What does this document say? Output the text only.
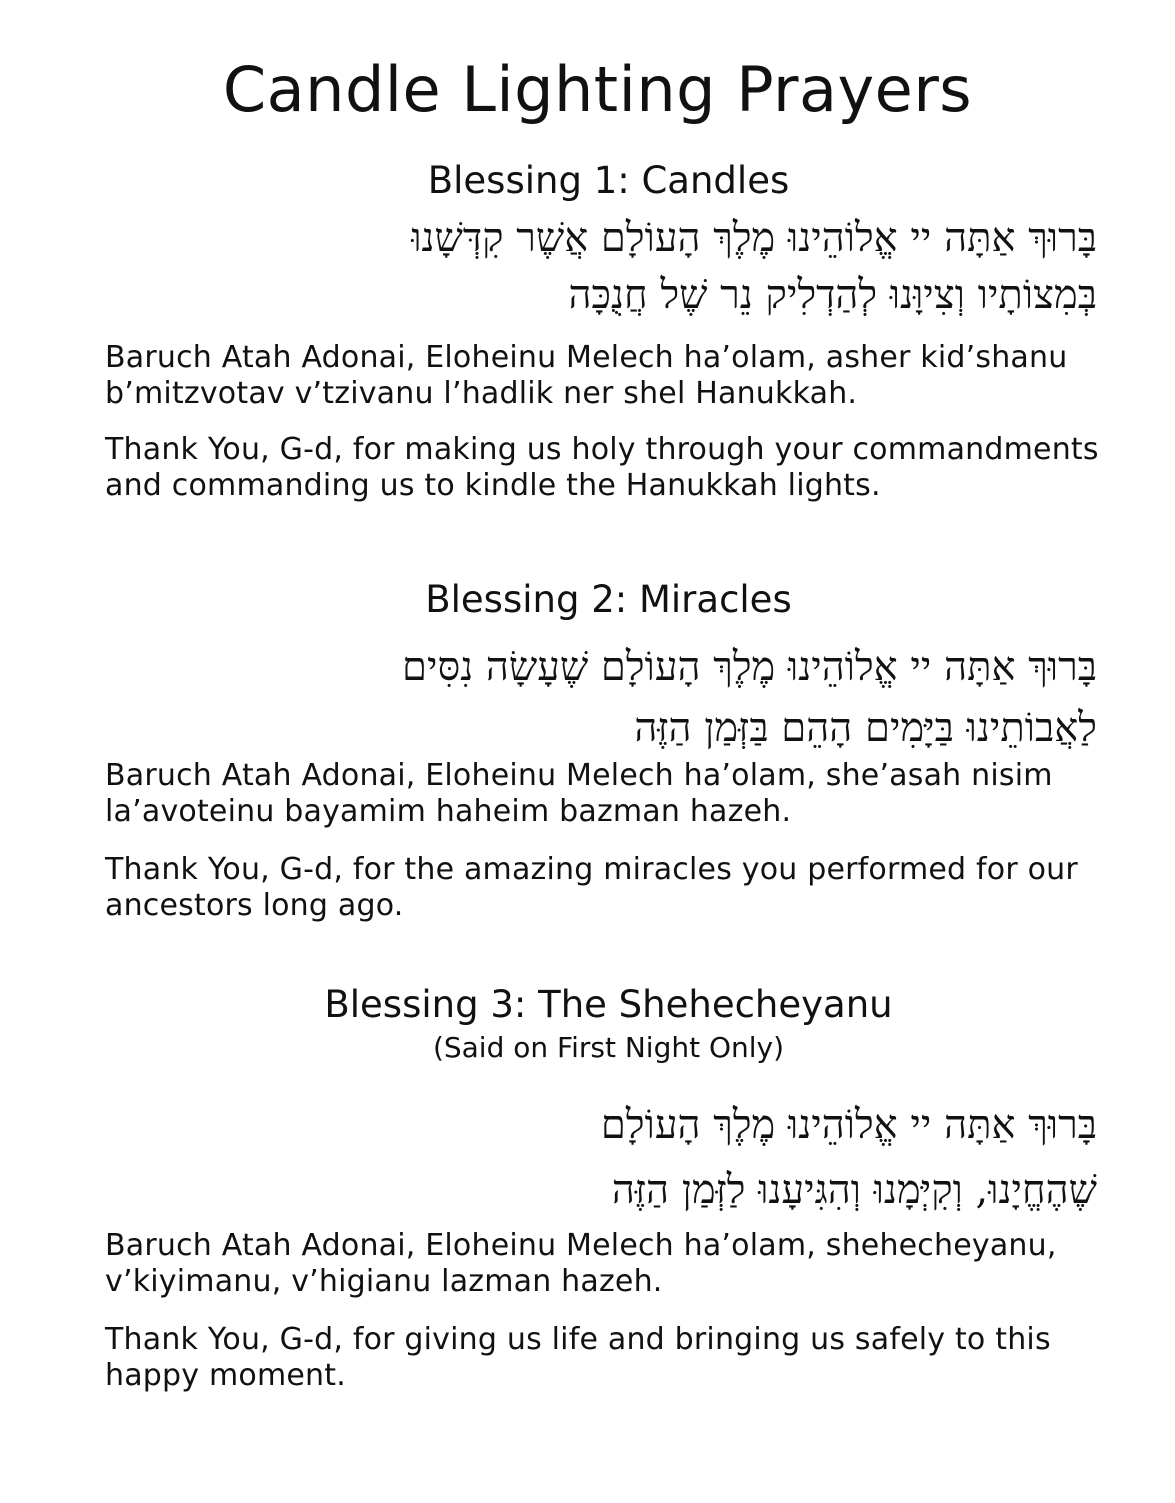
Candle Lighting Prayers
Blessing 1: Candles

בָּרוּךְ אַתָּה יי אֱלוֹהֵינוּ מֶלֶךְ הָעוֹלָם אֲשֶׁר קִדְּשָׁנוּ

בְּמִצוֹתָיו וְצִיוָּנוּ לְהַדְלִיק נֵר שֶׁל חֲנֻכָּה

Baruch Atah Adonai, Eloheinu Melech ha’olam, asher kid’shanu b’mitzvotav v’tzivanu l’hadlik ner shel Hanukkah.

Thank You, G-d, for making us holy through your commandments and commanding us to kindle the Hanukkah lights.

Blessing 2: Miracles

בָּרוּךְ אַתָּה יי אֱלוֹהֵינוּ מֶלֶךְ הָעוֹלָם שֶׁעָשָׂה נִסִּים

לַאֲבוֹתֵינוּ בַּיָּמִים הָהֵם בַּזְּמַן הַזֶּה

Baruch Atah Adonai, Eloheinu Melech ha’olam, she’asah nisim la’avoteinu bayamim haheim bazman hazeh.

Thank You, G-d, for the amazing miracles you performed for our ancestors long ago.

Blessing 3: The Shehecheyanu

(Said on First Night Only)

בָּרוּךְ אַתָּה יי אֱלוֹהֵינוּ מֶלֶךְ הָעוֹלָם

שֶׁהֶחֱיָנוּ, וְקִיְּמָנוּ וְהִגִּיעָנוּ לַזְּמַן הַזֶּה

Baruch Atah Adonai, Eloheinu Melech ha’olam, shehecheyanu, v’kiyimanu, v’higianu lazman hazeh.

Thank You, G-d, for giving us life and bringing us safely to this happy moment.
